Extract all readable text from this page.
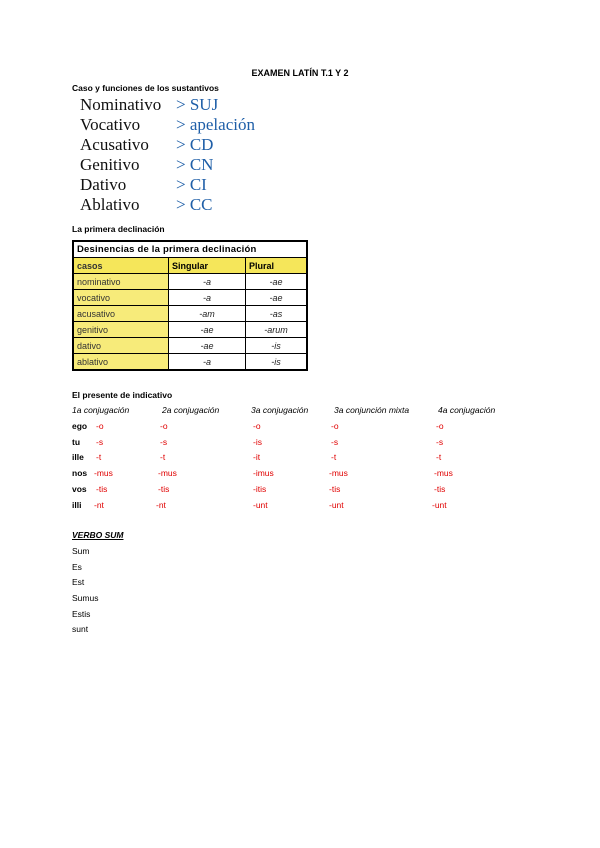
EXAMEN LATÍN T.1 Y 2
Caso y funciones de los sustantivos
Nominativo > SUJ
Vocativo > apelación
Acusativo > CD
Genitivo > CN
Dativo	> CI
Ablativo > CC
La primera declinación
Desinencias de la primera declinación		
casos	Singular	Plural
nominativo	-a	-ae
vocativo	-a	-ae
acusativo	-am	-as
genitivo	-ae	-arum
dativo	-ae	-is
ablativo	-a	-is
El presente de indicativo
1a conjugación	2a conjugación	3a conjugación	3a conjunción mixta	4a conjugación
ego -o	-o	-o	-o	-o
tu -s	-s	-is	-s	-s
ille -t	-t	-it	-t	-t
nos -mus	-mus	-imus	-mus	-mus
vos -tis	-tis	-itis	-tis	-tis
illi -nt	-nt	-unt	-unt	-unt
VERBO SUM
Sum
Es
Est
Sumus
Estis
sunt
